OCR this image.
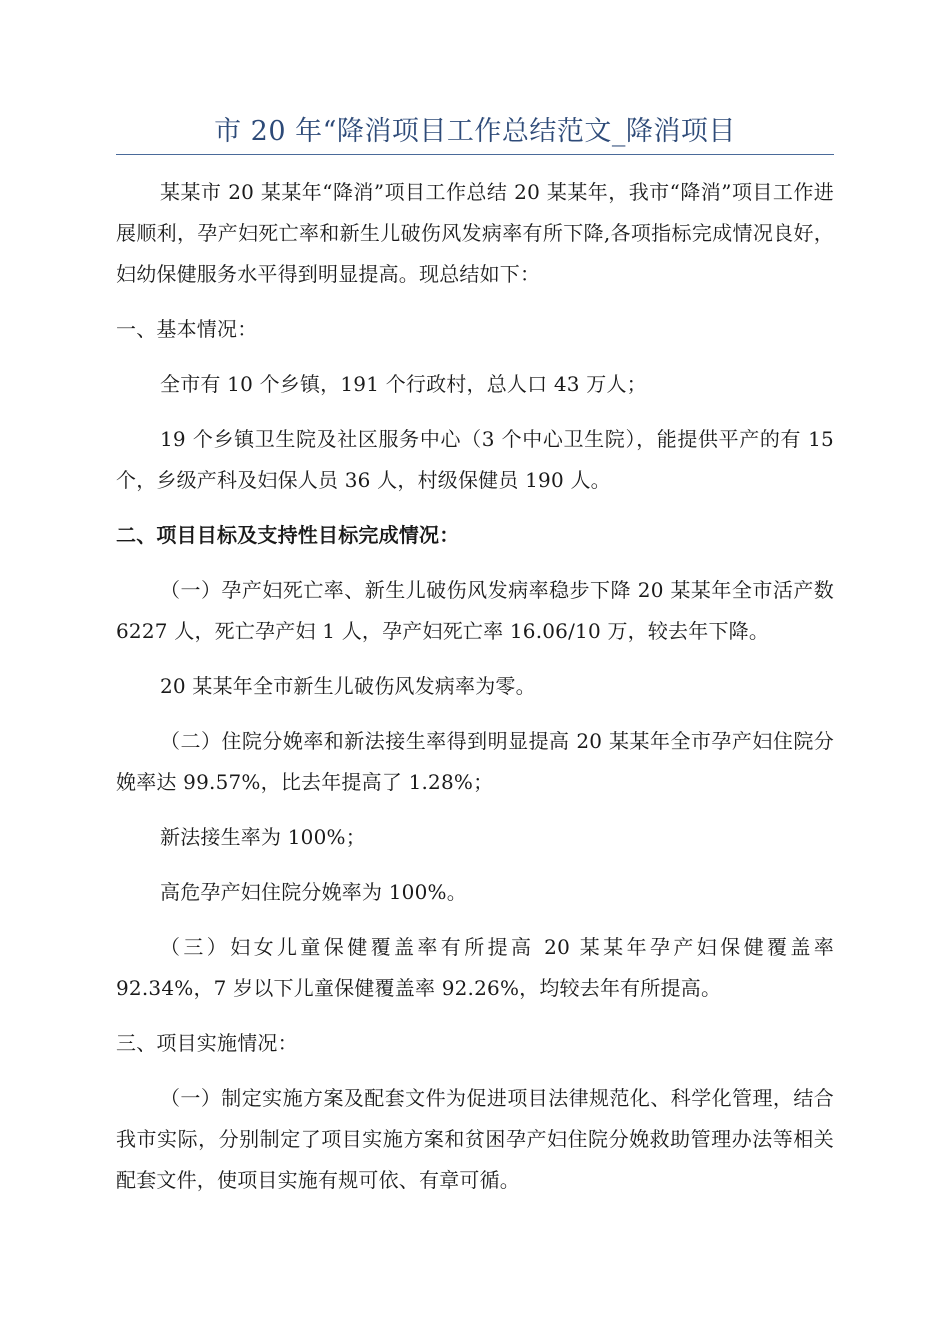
市 20 年“降消项目工作总结范文_降消项目

某某市 20 某某年“降消”项目工作总结 20 某某年，我市“降消”项目工作进展顺利，孕产妇死亡率和新生儿破伤风发病率有所下降,各项指标完成情况良好，妇幼保健服务水平得到明显提高。现总结如下：

一、基本情况：

全市有 10 个乡镇，191 个行政村，总人口 43 万人；

19 个乡镇卫生院及社区服务中心（3 个中心卫生院），能提供平产的有 15 个，乡级产科及妇保人员 36 人，村级保健员 190 人。

二、项目目标及支持性目标完成情况：

（一）孕产妇死亡率、新生儿破伤风发病率稳步下降 20 某某年全市活产数 6227 人，死亡孕产妇 1 人，孕产妇死亡率 16.06/10 万，较去年下降。

20 某某年全市新生儿破伤风发病率为零。

（二）住院分娩率和新法接生率得到明显提高 20 某某年全市孕产妇住院分娩率达 99.57%，比去年提高了 1.28%；

新法接生率为 100%；

高危孕产妇住院分娩率为 100%。

（三）妇女儿童保健覆盖率有所提高 20 某某年孕产妇保健覆盖率 92.34%，7 岁以下儿童保健覆盖率 92.26%，均较去年有所提高。

三、项目实施情况：

（一）制定实施方案及配套文件为促进项目法律规范化、科学化管理，结合我市实际，分别制定了项目实施方案和贫困孕产妇住院分娩救助管理办法等相关配套文件，使项目实施有规可依、有章可循。
